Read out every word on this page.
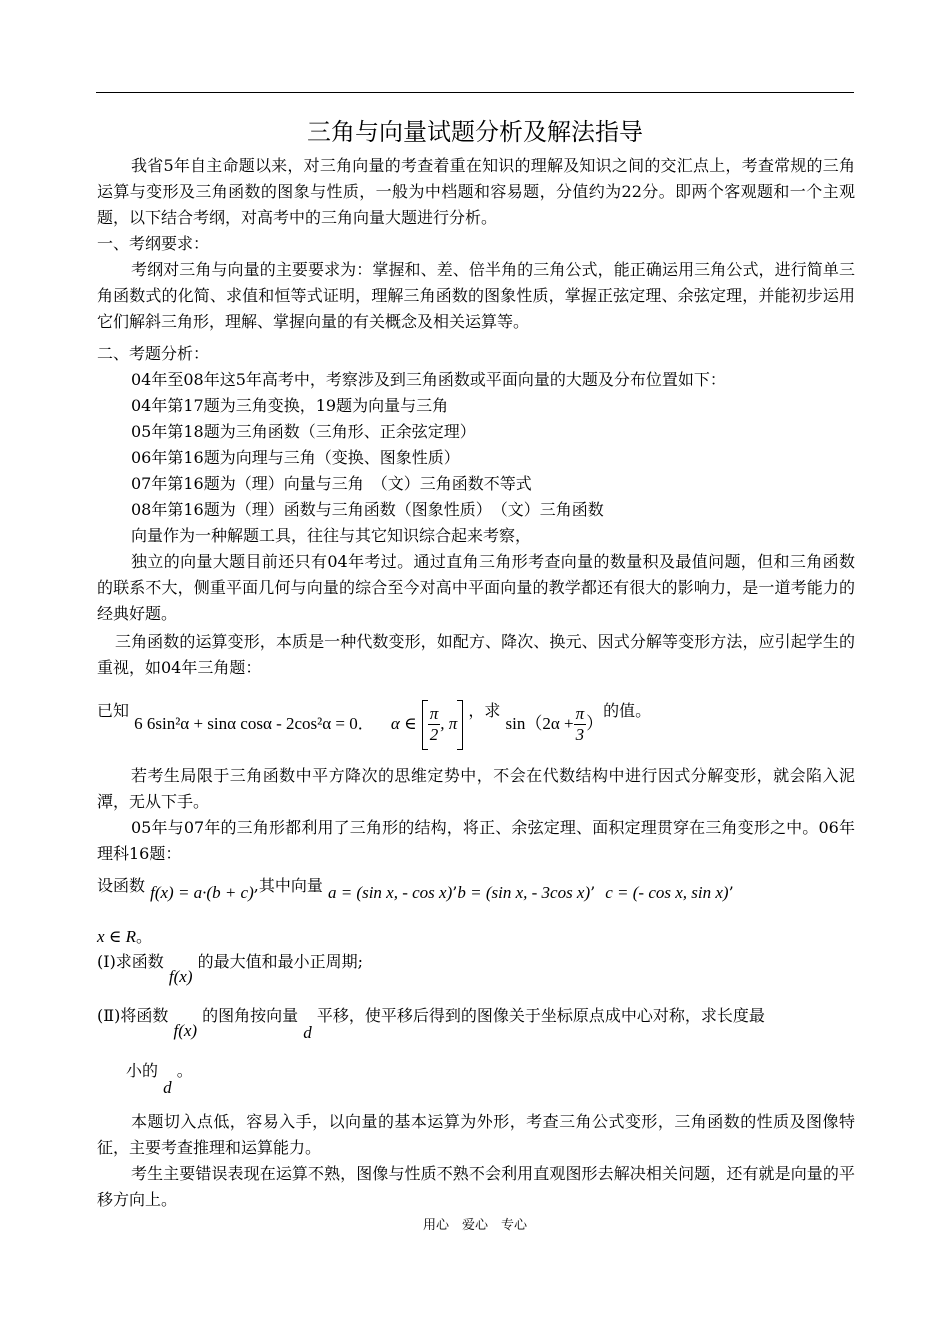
三角与向量试题分析及解法指导

我省5年自主命题以来，对三角向量的考查着重在知识的理解及知识之间的交汇点上，考查常规的三角运算与变形及三角函数的图象与性质，一般为中档题和容易题，分值约为22分。即两个客观题和一个主观题，以下结合考纲，对高考中的三角向量大题进行分析。

一、考纲要求：

考纲对三角与向量的主要要求为：掌握和、差、倍半角的三角公式，能正确运用三角公式，进行简单三角函数式的化简、求值和恒等式证明，理解三角函数的图象性质，掌握正弦定理、余弦定理，并能初步运用它们解斜三角形，理解、掌握向量的有关概念及相关运算等。

二、考题分析：

04年至08年这5年高考中，考察涉及到三角函数或平面向量的大题及分布位置如下：

04年第17题为三角变换，19题为向量与三角

05年第18题为三角函数（三角形、正余弦定理）

06年第16题为向理与三角（变换、图象性质）

07年第16题为（理）向量与三角　（文）三角函数不等式

08年第16题为（理）函数与三角函数（图象性质）　（文）三角函数

向量作为一种解题工具，往往与其它知识综合起来考察，

独立的向量大题目前还只有04年考过。通过直角三角形考查向量的数量积及最值问题，但和三角函数的联系不大，侧重平面几何与向量的综合至今对高中平面向量的教学都还有很大的影响力，是一道考能力的经典好题。

三角函数的运算变形，本质是一种代数变形，如配方、降次、换元、因式分解等变形方法，应引起学生的重视，如04年三角题：

已知 6 6sin²α + sinα cosα - 2cos²α = 0． α ∈ $\frac{\pi}{2}$ , π ，求 $\sin(2\alpha + \frac{\pi}{3}$ ）的值。

若考生局限于三角函数中平方降次的思维定势中，不会在代数结构中进行因式分解变形，就会陷入泥潭，无从下手。

05年与07年的三角形都利用了三角形的结构，将正、余弦定理、面积定理贯穿在三角变形之中。06年理科16题：

设函数 f(x) = a·(b + c),其中向量 a = (sin x, - cos x)’b = (sin x, - 3cos x)’ c = (- cos x, sin x)’
x ∈ R。
(Ⅰ)求函数 f(x) 的最大值和最小正周期;
(Ⅱ)将函数 f(x) 的图角按向量 d 平移，使平移后得到的图像关于坐标原点成中心对称，求长度最
小的 d 。

本题切入点低，容易入手，以向量的基本运算为外形，考查三角公式变形，三角函数的性质及图像特征，主要考查推理和运算能力。

考生主要错误表现在运算不熟，图像与性质不熟不会利用直观图形去解决相关问题，还有就是向量的平移方向上。

用心　爱心　专心
